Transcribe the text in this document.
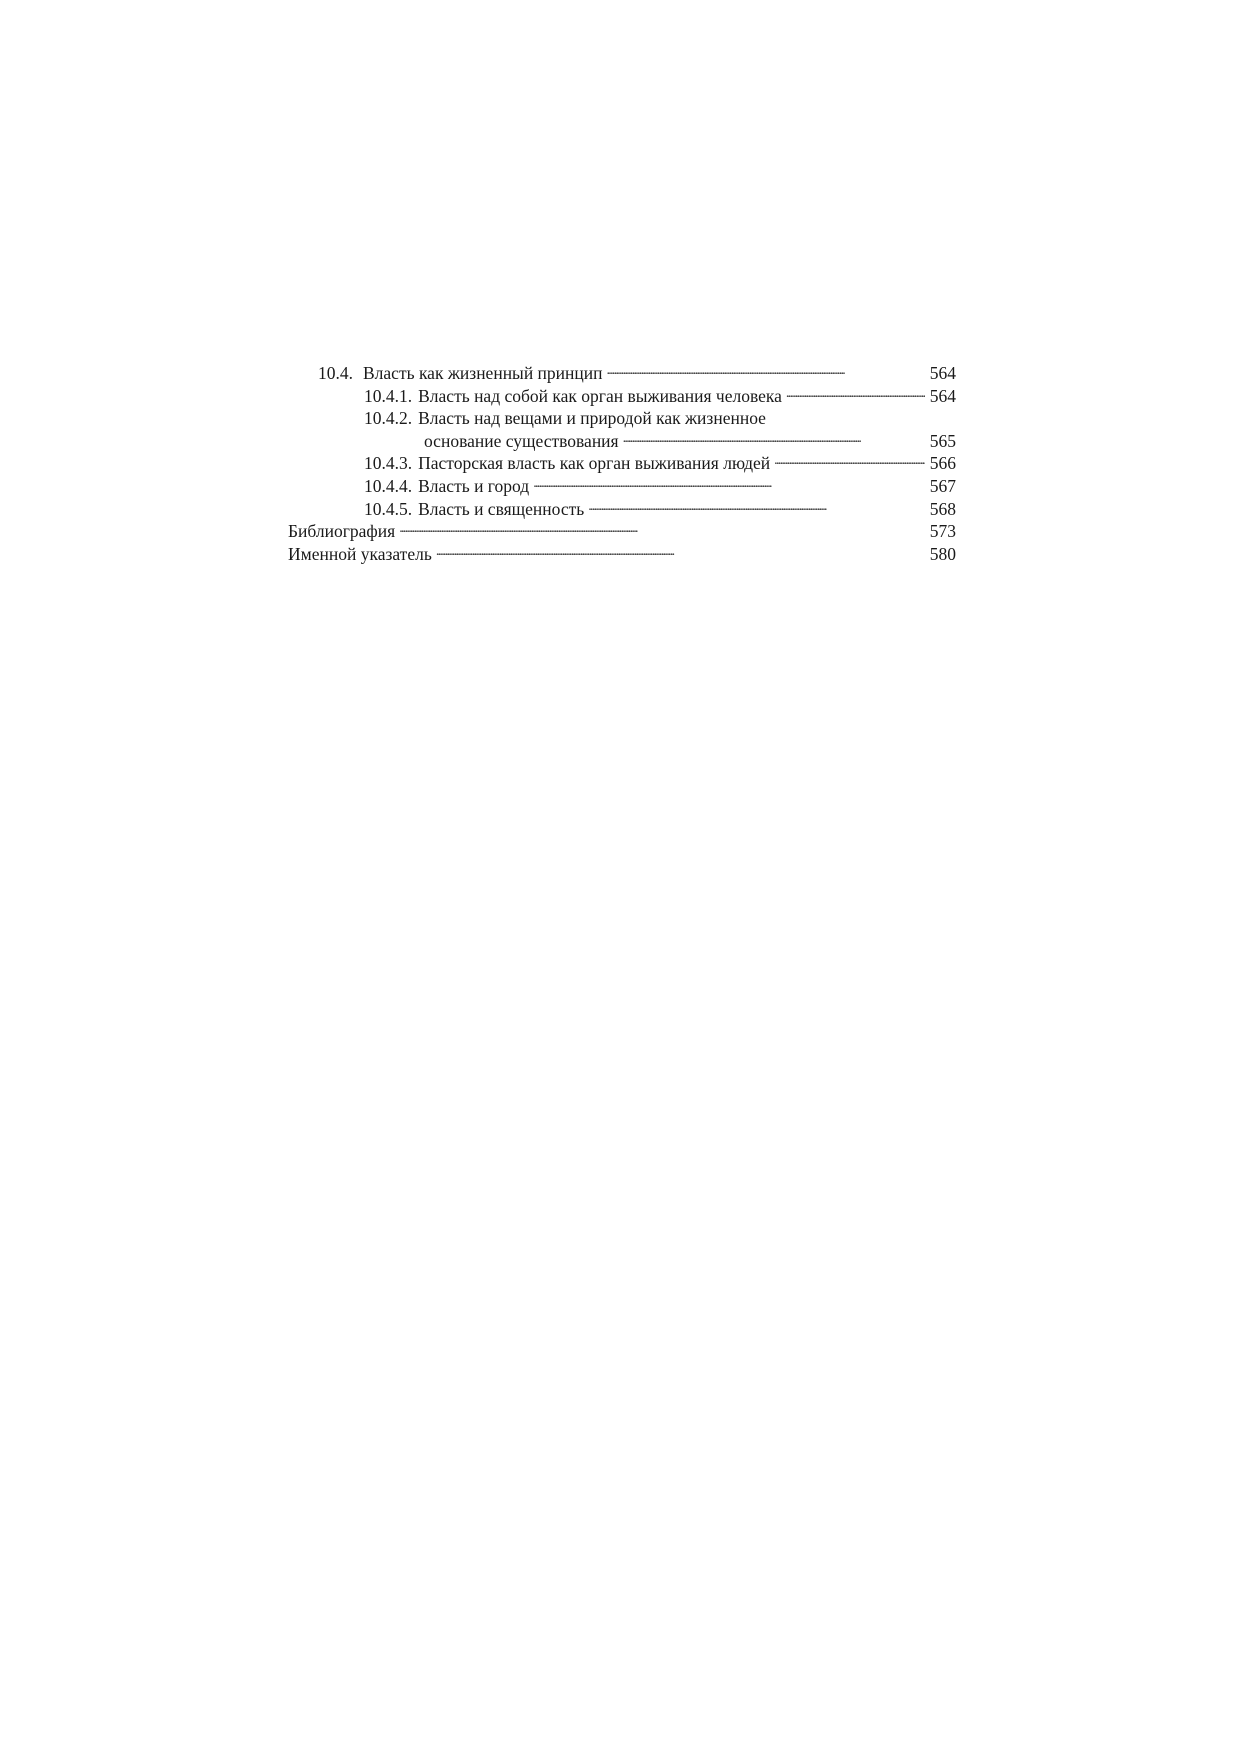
10.4. Власть как жизненный принцип . . .	564
10.4.1. Власть над собой как орган выживания человека . . .	564
10.4.2. Власть над вещами и природой как жизненное
основание существования . . .	565
10.4.3. Пасторская власть как орган выживания людей . . .	566
10.4.4. Власть и город . . .	567
10.4.5. Власть и священность . . .	568
Библиография . . .	573
Именной указатель . . .	580
